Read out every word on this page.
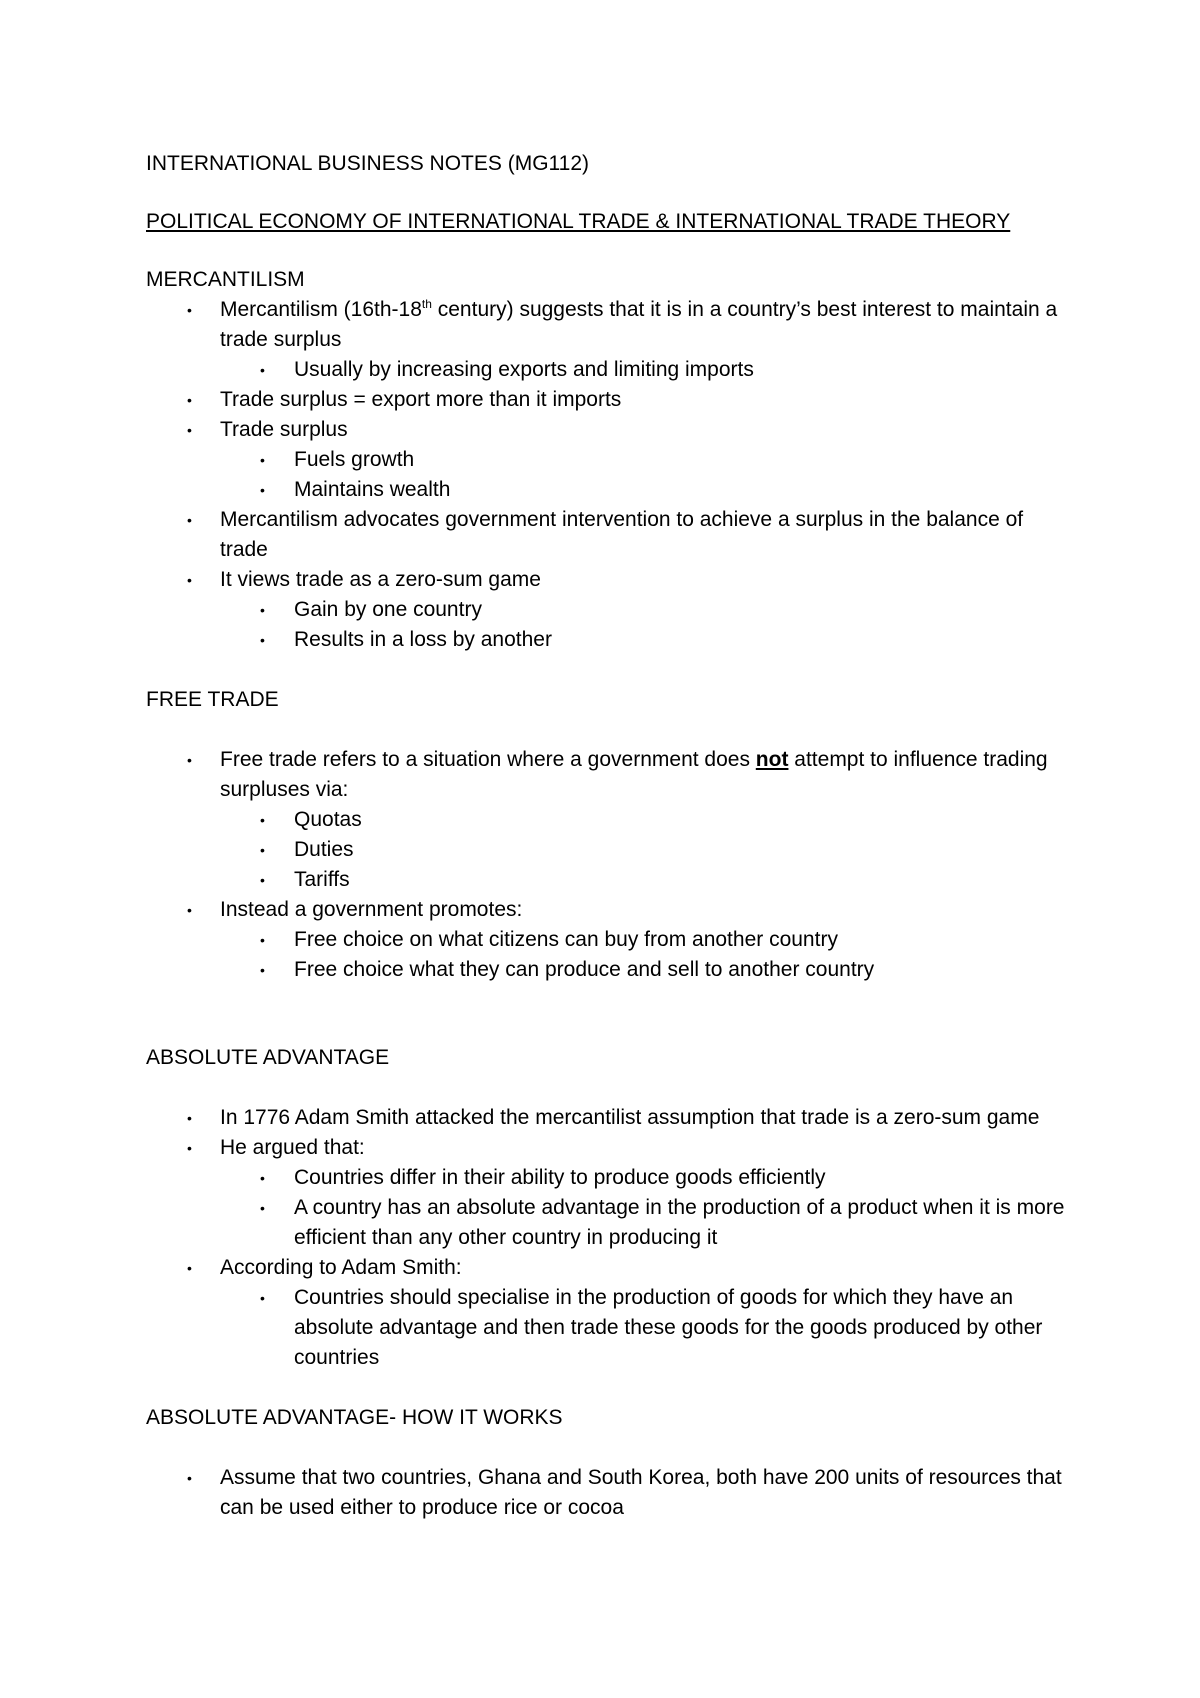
INTERNATIONAL BUSINESS NOTES (MG112)

POLITICAL ECONOMY OF INTERNATIONAL TRADE & INTERNATIONAL TRADE THEORY

MERCANTILISM

• Mercantilism (16th-18th century) suggests that it is in a country’s best interest to maintain a trade surplus
• Usually by increasing exports and limiting imports
• Trade surplus = export more than it imports
• Trade surplus
• Fuels growth
• Maintains wealth
• Mercantilism advocates government intervention to achieve a surplus in the balance of trade
• It views trade as a zero-sum game
• Gain by one country
• Results in a loss by another

FREE TRADE

• Free trade refers to a situation where a government does not attempt to influence trading surpluses via:
• Quotas
• Duties
• Tariffs
• Instead a government promotes:
• Free choice on what citizens can buy from another country
• Free choice what they can produce and sell to another country

ABSOLUTE ADVANTAGE

• In 1776 Adam Smith attacked the mercantilist assumption that trade is a zero-sum game
• He argued that:
• Countries differ in their ability to produce goods efficiently
• A country has an absolute advantage in the production of a product when it is more efficient than any other country in producing it
• According to Adam Smith:
• Countries should specialise in the production of goods for which they have an absolute advantage and then trade these goods for the goods produced by other countries

ABSOLUTE ADVANTAGE- HOW IT WORKS

• Assume that two countries, Ghana and South Korea, both have 200 units of resources that can be used either to produce rice or cocoa
